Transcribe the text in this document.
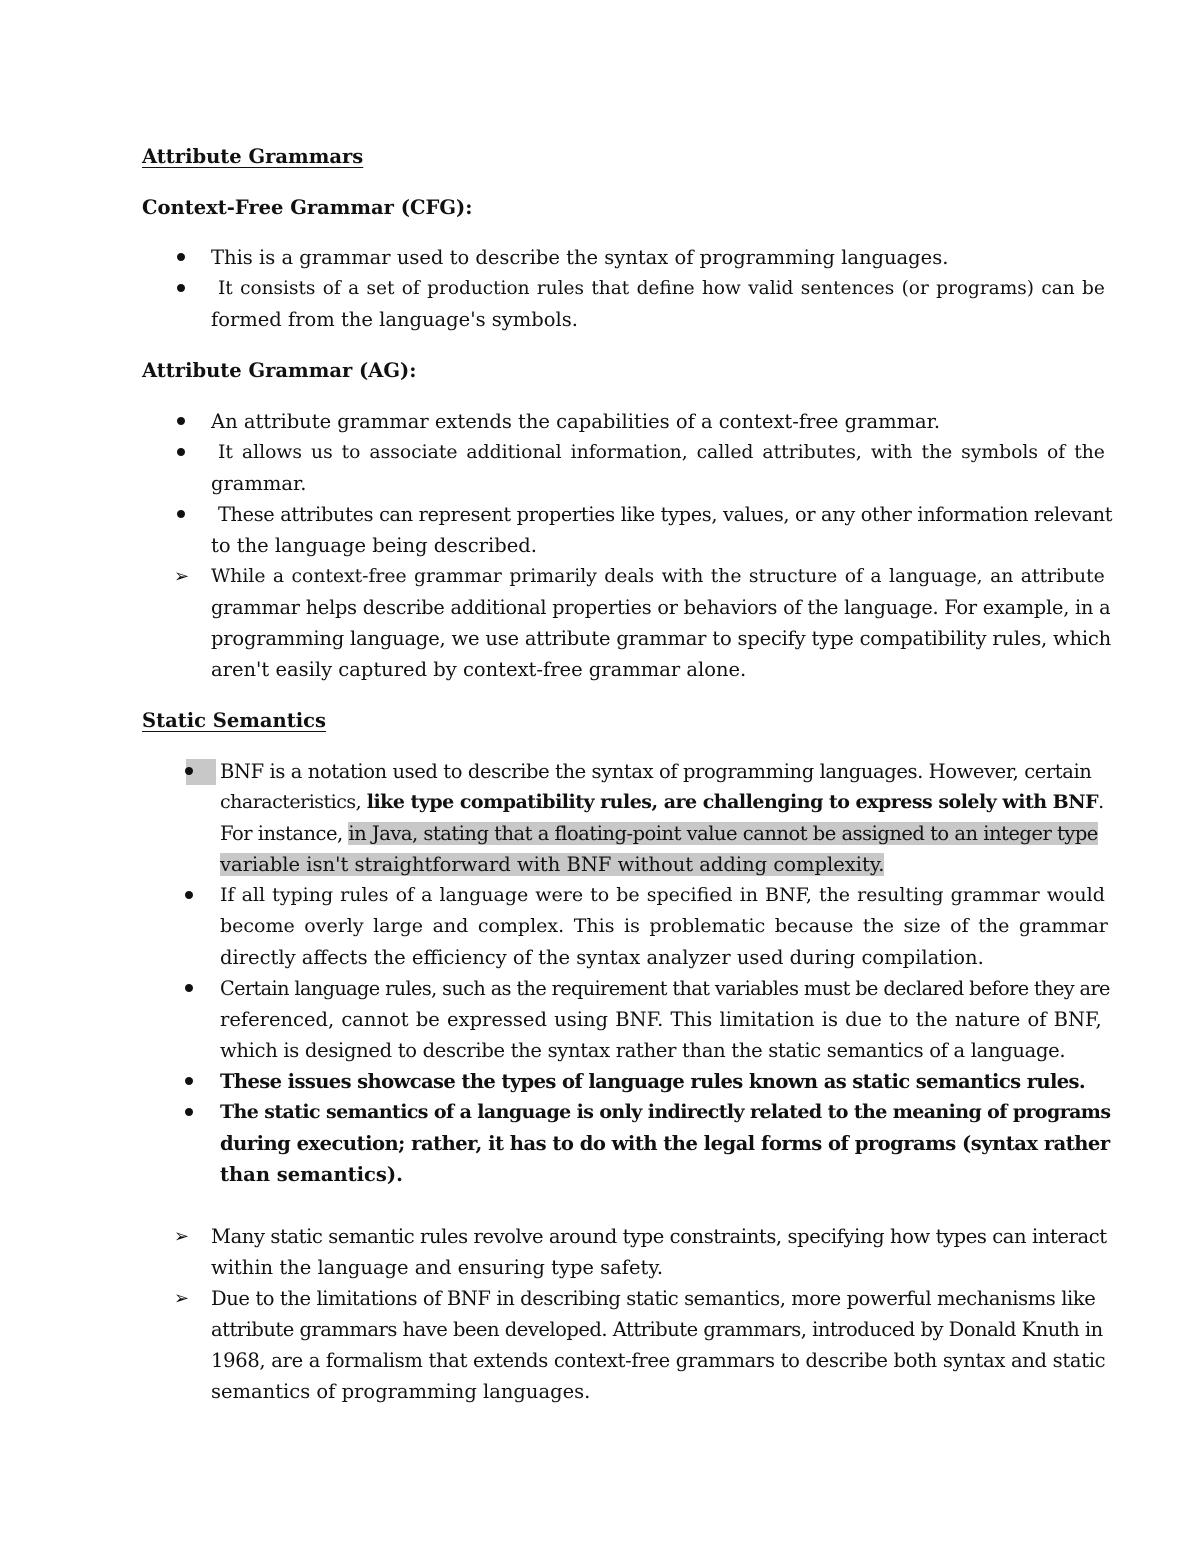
Attribute Grammars
Context-Free Grammar (CFG):
This is a grammar used to describe the syntax of programming languages.
It consists of a set of production rules that define how valid sentences (or programs) can be
formed from the language's symbols.
Attribute Grammar (AG):
An attribute grammar extends the capabilities of a context-free grammar.
It allows us to associate additional information, called attributes, with the symbols of the
grammar.
These attributes can represent properties like types, values, or any other information relevant
to the language being described.
➢ While a context-free grammar primarily deals with the structure of a language, an attribute
grammar helps describe additional properties or behaviors of the language. For example, in a
programming language, we use attribute grammar to specify type compatibility rules, which
aren't easily captured by context-free grammar alone.
Static Semantics
BNF is a notation used to describe the syntax of programming languages. However, certain
characteristics, like type compatibility rules, are challenging to express solely with BNF.
For instance, in Java, stating that a floating-point value cannot be assigned to an integer type
variable isn't straightforward with BNF without adding complexity.
If all typing rules of a language were to be specified in BNF, the resulting grammar would
become overly large and complex. This is problematic because the size of the grammar
directly affects the efficiency of the syntax analyzer used during compilation.
Certain language rules, such as the requirement that variables must be declared before they are
referenced, cannot be expressed using BNF. This limitation is due to the nature of BNF,
which is designed to describe the syntax rather than the static semantics of a language.
These issues showcase the types of language rules known as static semantics rules.
The static semantics of a language is only indirectly related to the meaning of programs
during execution; rather, it has to do with the legal forms of programs (syntax rather
than semantics).
➢ Many static semantic rules revolve around type constraints, specifying how types can interact
within the language and ensuring type safety.
➢ Due to the limitations of BNF in describing static semantics, more powerful mechanisms like
attribute grammars have been developed. Attribute grammars, introduced by Donald Knuth in
1968, are a formalism that extends context-free grammars to describe both syntax and static
semantics of programming languages.
